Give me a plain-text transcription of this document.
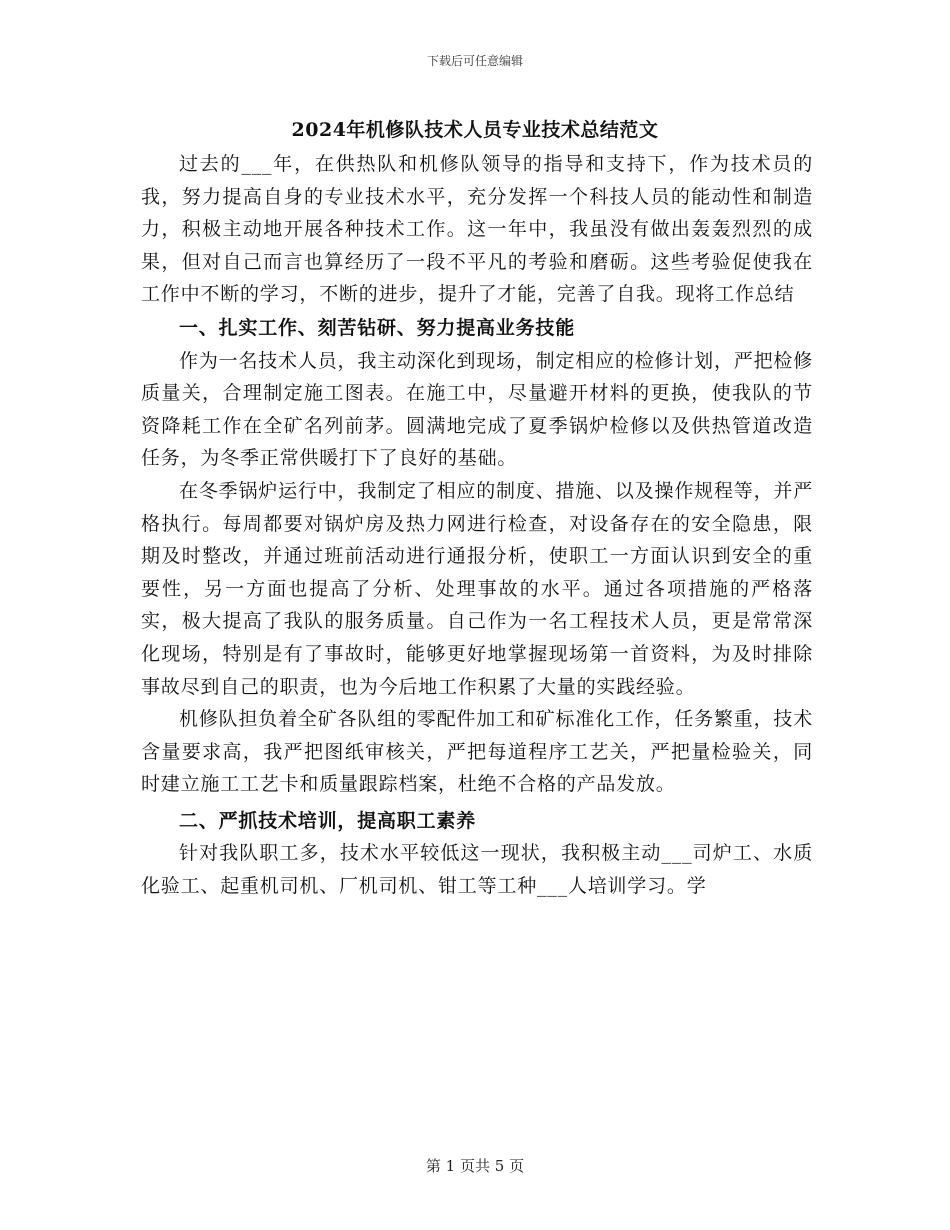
下载后可任意编辑
2024年机修队技术人员专业技术总结范文

过去的___年，在供热队和机修队领导的指导和支持下，作为技术员的我，努力提高自身的专业技术水平，充分发挥一个科技人员的能动性和制造力，积极主动地开展各种技术工作。这一年中，我虽没有做出轰轰烈烈的成果，但对自己而言也算经历了一段不平凡的考验和磨砺。这些考验促使我在工作中不断的学习，不断的进步，提升了才能，完善了自我。现将工作总结

一、扎实工作、刻苦钻研、努力提高业务技能

作为一名技术人员，我主动深化到现场，制定相应的检修计划，严把检修质量关，合理制定施工图表。在施工中，尽量避开材料的更换，使我队的节资降耗工作在全矿名列前茅。圆满地完成了夏季锅炉检修以及供热管道改造任务，为冬季正常供暖打下了良好的基础。

在冬季锅炉运行中，我制定了相应的制度、措施、以及操作规程等，并严格执行。每周都要对锅炉房及热力网进行检查，对设备存在的安全隐患，限期及时整改，并通过班前活动进行通报分析，使职工一方面认识到安全的重要性，另一方面也提高了分析、处理事故的水平。通过各项措施的严格落实，极大提高了我队的服务质量。自己作为一名工程技术人员，更是常常深化现场，特别是有了事故时，能够更好地掌握现场第一首资料，为及时排除事故尽到自己的职责，也为今后地工作积累了大量的实践经验。

机修队担负着全矿各队组的零配件加工和矿标准化工作，任务繁重，技术含量要求高，我严把图纸审核关，严把每道程序工艺关，严把量检验关，同时建立施工工艺卡和质量跟踪档案，杜绝不合格的产品发放。

二、严抓技术培训，提高职工素养

针对我队职工多，技术水平较低这一现状，我积极主动___司炉工、水质化验工、起重机司机、厂机司机、钳工等工种___人培训学习。学

第 1 页共 5 页
